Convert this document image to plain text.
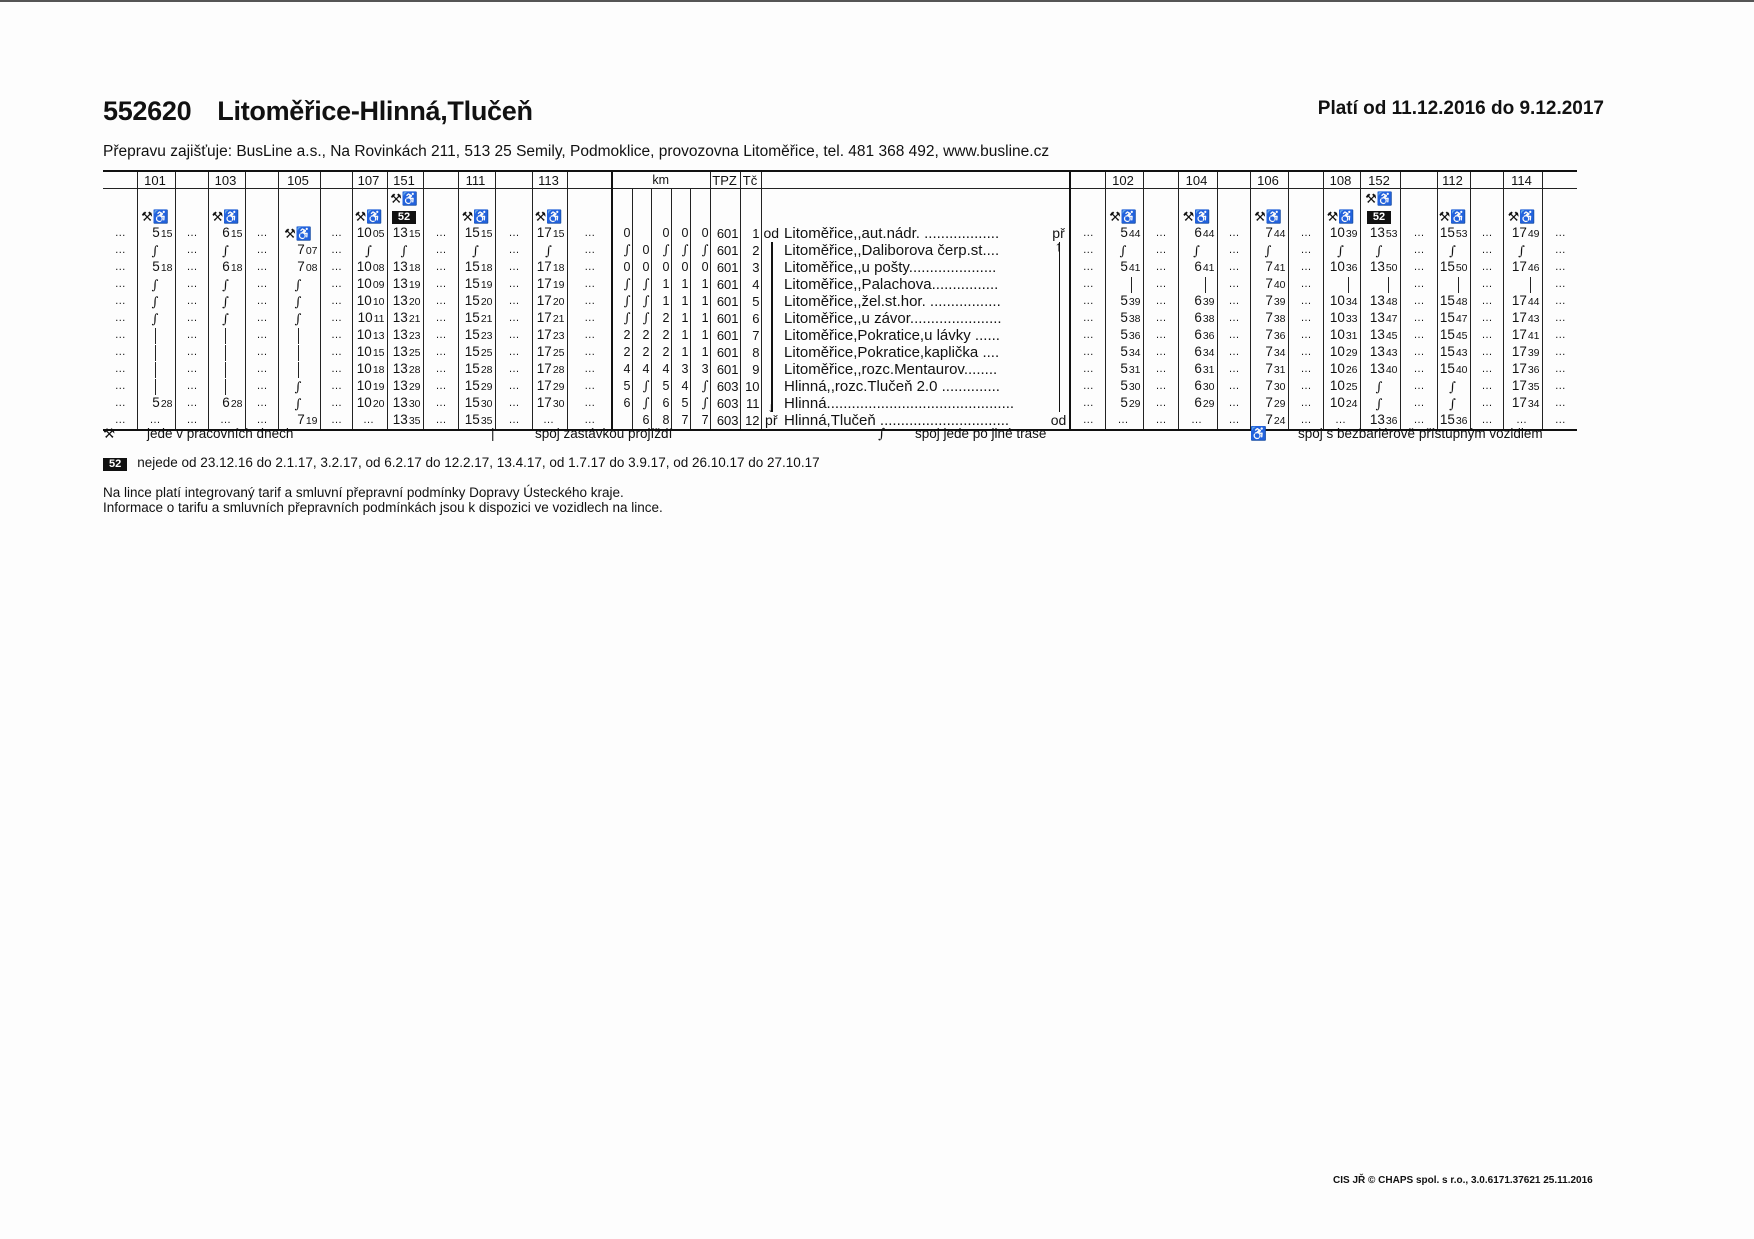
552620 Litoměřice-Hlinná,Tlučeň	Platí od 11.12.2016 do 9.12.2017
Přepravu zajišťuje: BusLine a.s., Na Rovinkách 211, 513 25 Semily, Podmoklice, provozovna Litoměřice, tel. 481 368 492, www.busline.cz
	101		103		105		107	151		111		113		km					TPZ	Tč					102		104		106		108	152		112		114	
								⚒♿																								⚒♿					
	⚒♿		⚒♿				⚒♿	52		⚒♿		⚒♿													⚒♿		⚒♿		⚒♿		⚒♿	52		⚒♿		⚒♿	
…	515	…	615	…	⚒♿	…	1005	1315	…	1515	…	1715	…	0		0	0	0	601	1	od	Litoměřice,,aut.nádr. ..................	př	…	544	…	644	…	744	…	1039	1353	…	1553	…	1749	…
…	∫	…	∫	…	707	…	∫	∫	…	∫	…	∫	…	∫	0	∫	∫	∫	601	2		Litoměřice,,Daliborova čerp.st....	↑	…	∫	…	∫	…	∫	…	∫	∫	…	∫	…	∫	…
…	518	…	618	…	708	…	1008	1318	…	1518	…	1718	…	0	0	0	0	0	601	3		Litoměřice,,u pošty.....................		…	541	…	641	…	741	…	1036	1350	…	1550	…	1746	…
…	∫	…	∫	…	∫	…	1009	1319	…	1519	…	1719	…	∫	∫	1	1	1	601	4		Litoměřice,,Palachova................		…		…		…	740	…			…		…		…
…	∫	…	∫	…	∫	…	1010	1320	…	1520	…	1720	…	∫	∫	1	1	1	601	5		Litoměřice,,žel.st.hor. .................		…	539	…	639	…	739	…	1034	1348	…	1548	…	1744	…
…	∫	…	∫	…	∫	…	1011	1321	…	1521	…	1721	…	∫	∫	2	1	1	601	6		Litoměřice,,u závor......................		…	538	…	638	…	738	…	1033	1347	…	1547	…	1743	…
…		…		…		…	1013	1323	…	1523	…	1723	…	2	2	2	1	1	601	7		Litoměřice,Pokratice,u lávky ......		…	536	…	636	…	736	…	1031	1345	…	1545	…	1741	…
…		…		…		…	1015	1325	…	1525	…	1725	…	2	2	2	1	1	601	8		Litoměřice,Pokratice,kaplička ....		…	534	…	634	…	734	…	1029	1343	…	1543	…	1739	…
…		…		…		…	1018	1328	…	1528	…	1728	…	4	4	4	3	3	601	9		Litoměřice,,rozc.Mentaurov........		…	531	…	631	…	731	…	1026	1340	…	1540	…	1736	…
…		…		…	∫	…	1019	1329	…	1529	…	1729	…	5	∫	5	4	∫	603	10		Hlinná,,rozc.Tlučeň 2.0 ..............		…	530	…	630	…	730	…	1025	∫	…	∫	…	1735	…
…	528	…	628	…	∫	…	1020	1330	…	1530	…	1730	…	6	∫	6	5	∫	603	11	↓	Hlinná.............................................		…	529	…	629	…	729	…	1024	∫	…	∫	…	1734	…
…	…	…	…	…	719	…	…	1335	…	1535	…	…	…		6	8	7	7	603	12	př	Hlinná,Tlučeň ...............................	od	…	…	…	…	…	724	…	…	1336	…	1536	…	…	…
⚒ jede v pracovních dnech	|	spoj zastávkou projíždí	∫ spoj jede po jiné trase	♿ spoj s bezbariérově přístupným vozidlem
52 nejede od 23.12.16 do 2.1.17, 3.2.17, od 6.2.17 do 12.2.17, 13.4.17, od 1.7.17 do 3.9.17, od 26.10.17 do 27.10.17
Na lince platí integrovaný tarif a smluvní přepravní podmínky Dopravy Ústeckého kraje.
Informace o tarifu a smluvních přepravních podmínkách jsou k dispozici ve vozidlech na lince.
CIS JŘ © CHAPS spol. s r.o., 3.0.6171.37621 25.11.2016
